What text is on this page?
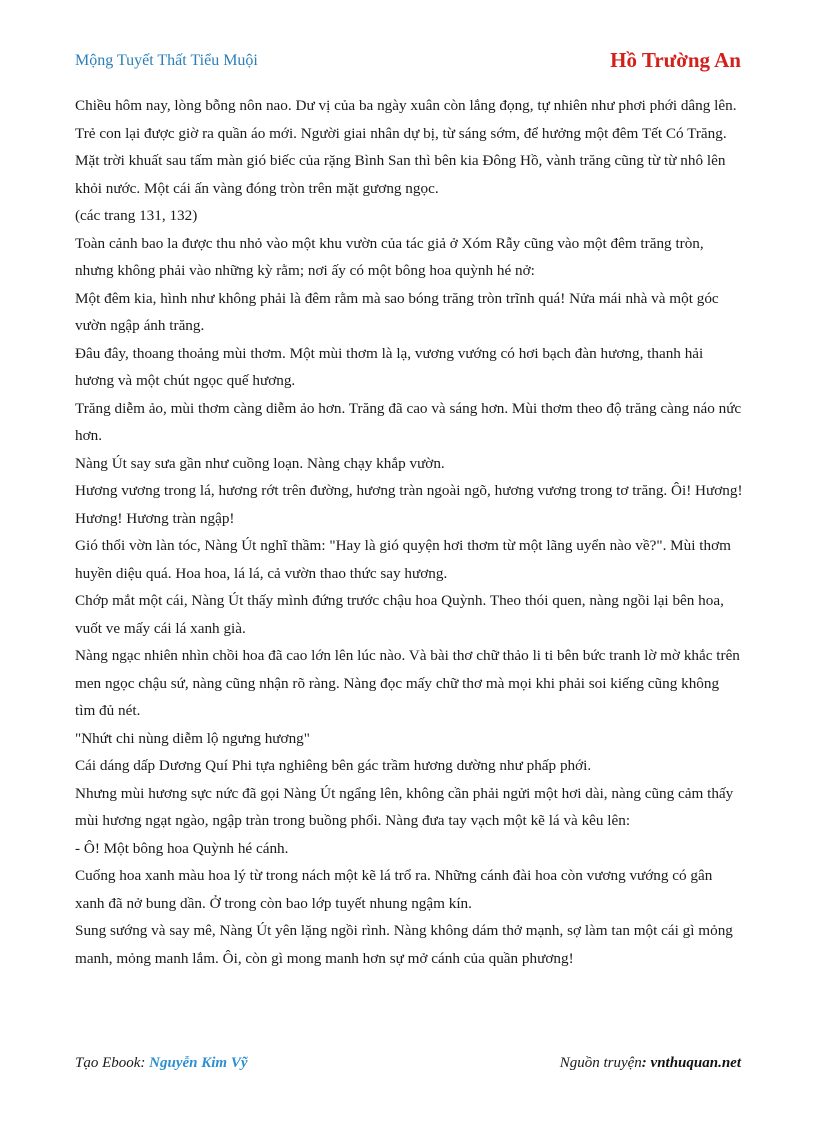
Mộng Tuyết Thất Tiểu Muội	Hồ Trường An

Chiều hôm nay, lòng bỗng nôn nao. Dư vị của ba ngày xuân còn lắng đọng, tự nhiên như phơi phới dâng lên.

Trẻ con lại được giờ ra quần áo mới. Người giai nhân dự bị, từ sáng sớm, để hưởng một đêm Tết Có Trăng.

Mặt trời khuất sau tấm màn gió biếc của rặng Bình San thì bên kia Đông Hồ, vành trăng cũng từ từ nhô lên khỏi nước. Một cái ấn vàng đóng tròn trên mặt gương ngọc.

(các trang 131, 132)

Toàn cảnh bao la được thu nhỏ vào một khu vườn của tác giả ở Xóm Rẫy cũng vào một đêm trăng tròn, nhưng không phải vào những kỳ rằm; nơi ấy có một bông hoa quỳnh hé nở:

Một đêm kia, hình như không phải là đêm rằm mà sao bóng trăng tròn trĩnh quá! Nửa mái nhà và một góc vườn ngập ánh trăng.

Đâu đây, thoang thoảng mùi thơm. Một mùi thơm là lạ, vương vướng có hơi bạch đàn hương, thanh hải hương và một chút ngọc quế hương.

Trăng diễm ảo, mùi thơm càng diễm ảo hơn. Trăng đã cao và sáng hơn. Mùi thơm theo độ trăng càng náo nức hơn.

Nàng Út say sưa gần như cuồng loạn. Nàng chạy khắp vườn.

Hương vương trong lá, hương rớt trên đường, hương tràn ngoài ngõ, hương vương trong tơ trăng. Ôi! Hương! Hương! Hương tràn ngập!

Gió thổi vờn làn tóc, Nàng Út nghĩ thầm: "Hay là gió quyện hơi thơm từ một lãng uyển nào về?". Mùi thơm huyền diệu quá. Hoa hoa, lá lá, cả vườn thao thức say hương.

Chớp mắt một cái, Nàng Út thấy mình đứng trước chậu hoa Quỳnh. Theo thói quen, nàng ngồi lại bên hoa, vuốt ve mấy cái lá xanh già.

Nàng ngạc nhiên nhìn chồi hoa đã cao lớn lên lúc nào. Và bài thơ chữ thảo li ti bên bức tranh lờ mờ khắc trên men ngọc chậu sứ, nàng cũng nhận rõ ràng. Nàng đọc mấy chữ thơ mà mọi khi phải soi kiếng cũng không tìm đủ nét.

"Nhứt chi nùng diễm lộ ngưng hương"

Cái dáng dấp Dương Quí Phi tựa nghiêng bên gác trầm hương dường như phấp phới.

Nhưng mùi hương sực nức đã gọi Nàng Út ngẩng lên, không cần phải ngửi một hơi dài, nàng cũng cảm thấy mùi hương ngạt ngào, ngập tràn trong buồng phổi. Nàng đưa tay vạch một kẽ lá và kêu lên:

- Ô! Một bông hoa Quỳnh hé cánh.

Cuống hoa xanh màu hoa lý từ trong nách một kẽ lá trổ ra. Những cánh đài hoa còn vương vướng có gân xanh đã nở bung dần. Ở trong còn bao lớp tuyết nhung ngậm kín.

Sung sướng và say mê, Nàng Út yên lặng ngồi rình. Nàng không dám thở mạnh, sợ làm tan một cái gì mỏng manh, mỏng manh lắm. Ôi, còn gì mong manh hơn sự mở cánh của quần phương!

Tạo Ebook: Nguyễn Kim Vỹ	Nguồn truyện: vnthuquan.net
